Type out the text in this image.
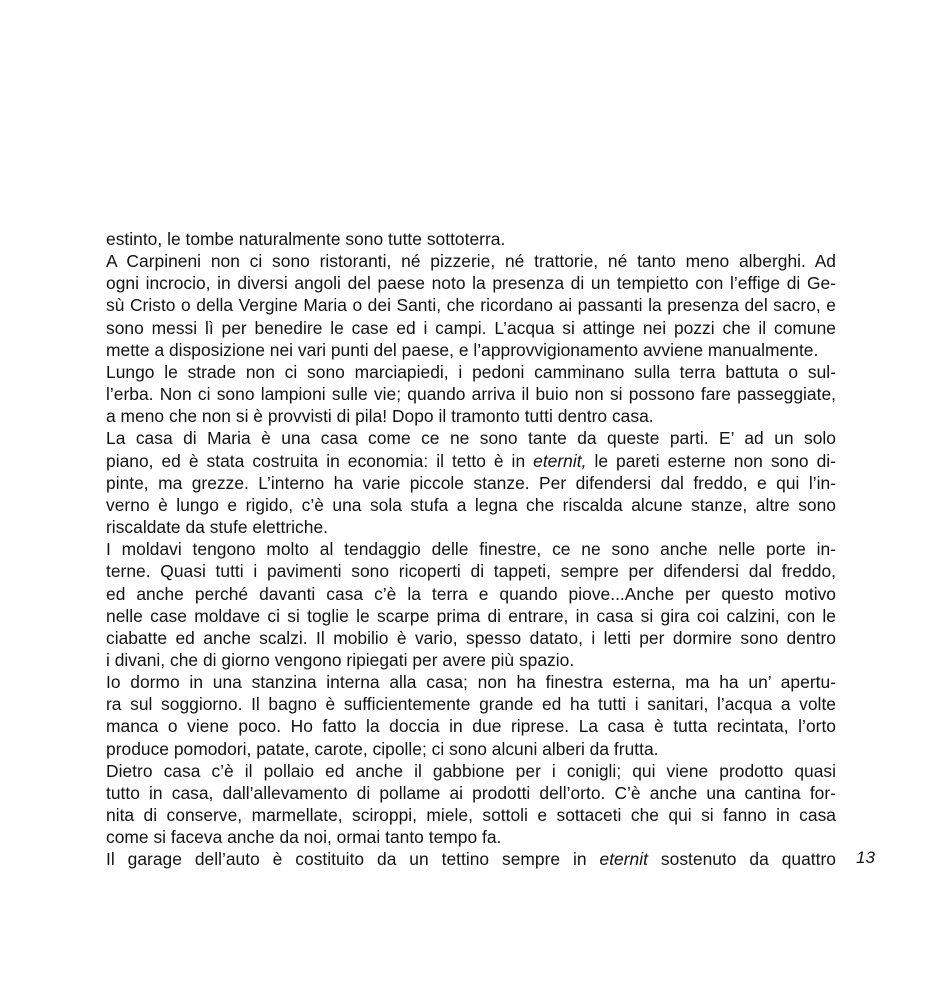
estinto, le tombe naturalmente sono tutte sottoterra.
A Carpineni non ci sono ristoranti, né pizzerie, né trattorie, né tanto meno alberghi. Ad
ogni incrocio, in diversi angoli del paese noto la presenza di un tempietto con l’effige di Ge-
sù Cristo o della Vergine Maria o dei Santi, che ricordano ai passanti la presenza del sacro, e
sono messi lì per benedire le case ed i campi. L’acqua si attinge nei pozzi che il comune
mette a disposizione nei vari punti del paese, e l’approvvigionamento avviene manualmente.
Lungo le strade non ci sono marciapiedi, i pedoni camminano sulla terra battuta o sul-
l’erba. Non ci sono lampioni sulle vie; quando arriva il buio non si possono fare passeggiate,
a meno che non si è provvisti di pila! Dopo il tramonto tutti dentro casa.
La casa di Maria è una casa come ce ne sono tante da queste parti. E’ ad un solo
piano, ed è stata costruita in economia: il tetto è in eternit, le pareti esterne non sono di-
pinte, ma grezze. L’interno ha varie piccole stanze. Per difendersi dal freddo, e qui l’in-
verno è lungo e rigido, c’è una sola stufa a legna che riscalda alcune stanze, altre sono
riscaldate da stufe elettriche.
I moldavi tengono molto al tendaggio delle finestre, ce ne sono anche nelle porte in-
terne. Quasi tutti i pavimenti sono ricoperti di tappeti, sempre per difendersi dal freddo,
ed anche perché davanti casa c’è la terra e quando piove...Anche per questo motivo
nelle case moldave ci si toglie le scarpe prima di entrare, in casa si gira coi calzini, con le
ciabatte ed anche scalzi. Il mobilio è vario, spesso datato, i letti per dormire sono dentro
i divani, che di giorno vengono ripiegati per avere più spazio.
Io dormo in una stanzina interna alla casa; non ha finestra esterna, ma ha un’ apertu-
ra sul soggiorno. Il bagno è sufficientemente grande ed ha tutti i sanitari, l’acqua a volte
manca o viene poco. Ho fatto la doccia in due riprese. La casa è tutta recintata, l’orto
produce pomodori, patate, carote, cipolle; ci sono alcuni alberi da frutta.
Dietro casa c’è il pollaio ed anche il gabbione per i conigli; qui viene prodotto quasi
tutto in casa, dall’allevamento di pollame ai prodotti dell’orto. C’è anche una cantina for-
nita di conserve, marmellate, sciroppi, miele, sottoli e sottaceti che qui si fanno in casa
come si faceva anche da noi, ormai tanto tempo fa.
Il garage dell’auto è costituito da un tettino sempre in eternit sostenuto da quattro 13
